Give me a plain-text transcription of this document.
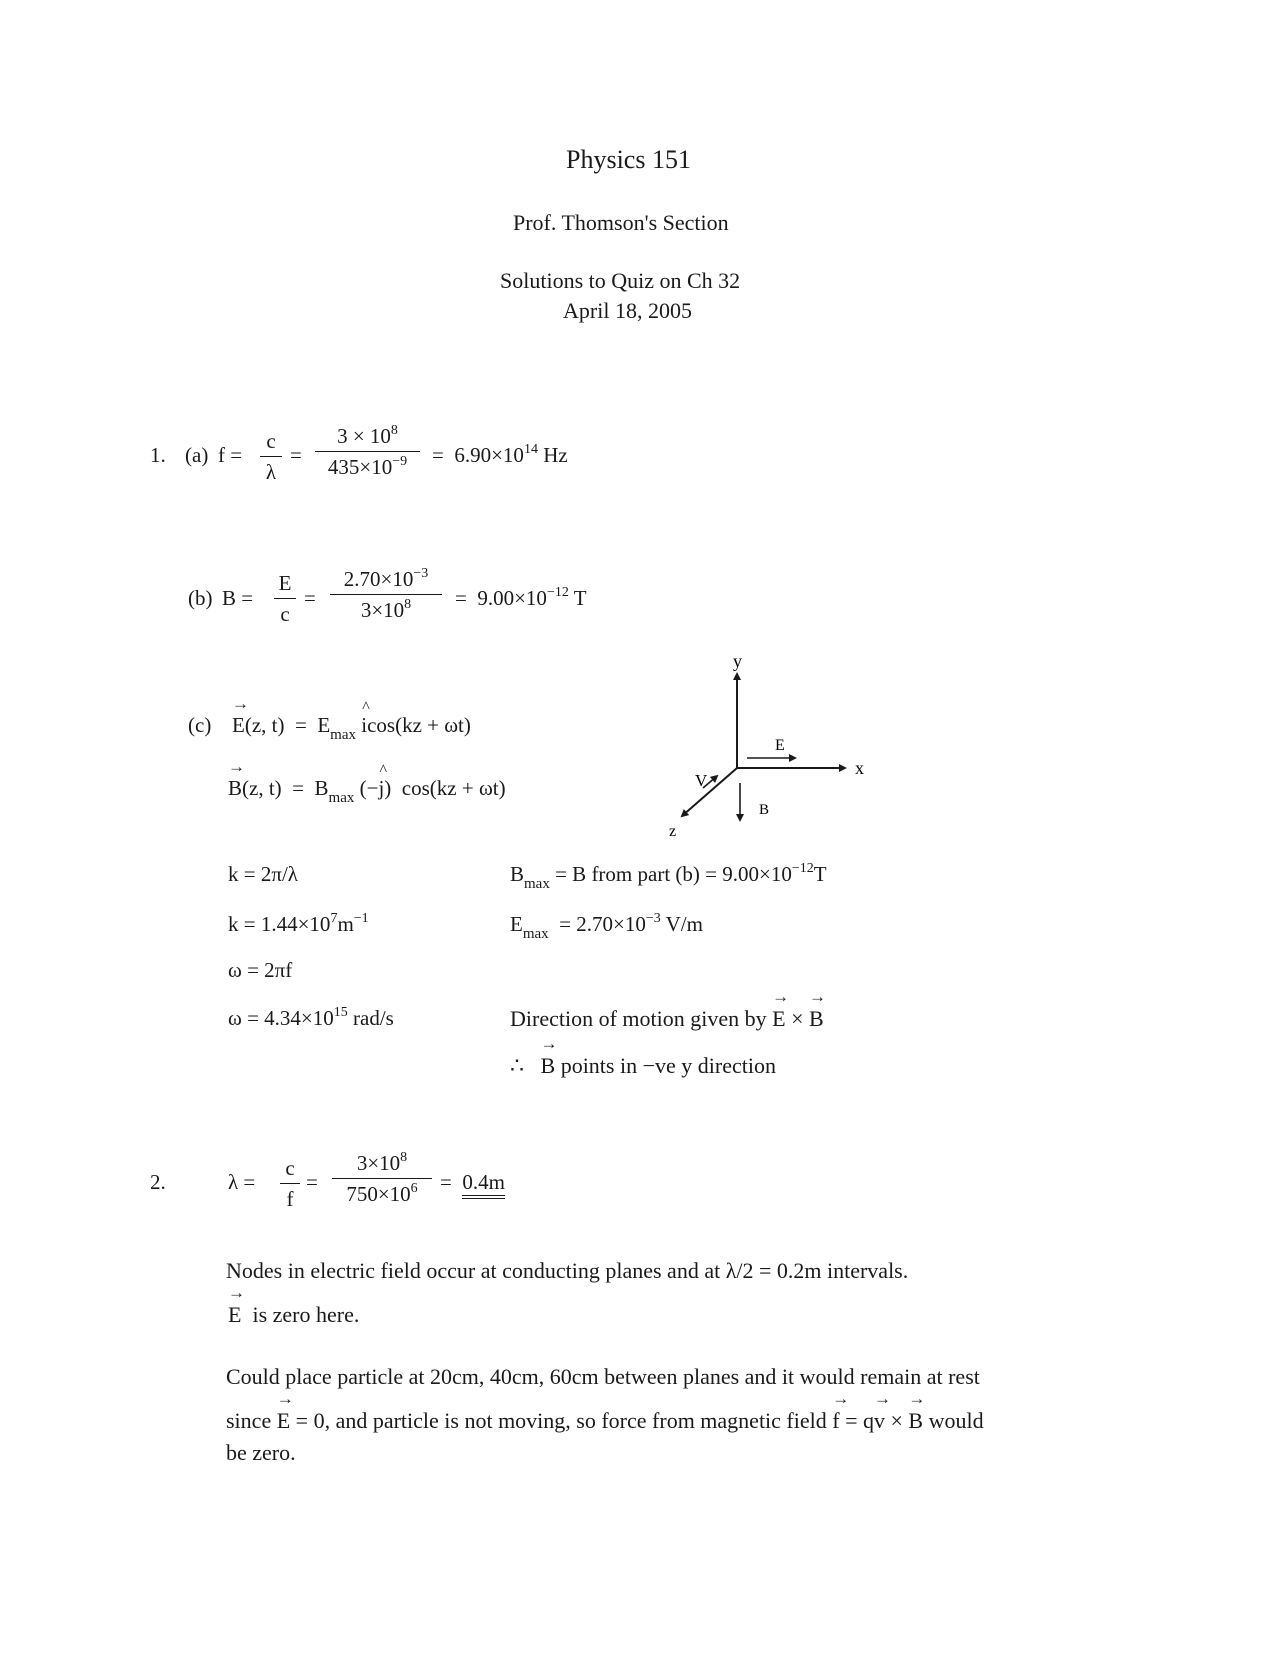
Physics 151
Prof. Thomson's Section
Solutions to Quiz on Ch 32
April 18, 2005
1. (a) f =
c
λ
=
$3 \times 10^8$
$435\times 10^{-9}$	= $6.90\times 10^{14}$ Hz
(b) B =
E
c
=
$2.70\times 10^{-3}$
$3\times 10^8$	= $9.00\times 10^{-12}$ T
(c) → E(z, $t) = E_{max}$ ^ icos(kz + ωt)
→ B(z, $t) = B_{max}$ (−^ j) cos(kz + ωt)
y
x
z
V
E
B
k = 2π/λ
$k = 1.44\times 10^7m^{-1}$
ω = 2πf
$\omega = 4.34\times 10^{15}$ rad/s
$B_{max} = B$ from part $(b) = 9.00\times 10^{-12}T$
$E_{max} = 2.70\times 10^{-3}$ V/m
Direction of motion given by → E × → B
∴ → B points in −ve y direction
2.	λ =
c
f
=
$3\times 10^8$
$750\times 10^6$	= 0.4m
Nodes in electric field occur at conducting planes and at λ/2 = 0.2m intervals.
→ E is zero here.
Could place particle at 20cm, 40cm, 60cm between planes and it would remain at rest
since → E = 0, and particle is not moving, so force from magnetic field → f = q→ v × → B would
be zero.
